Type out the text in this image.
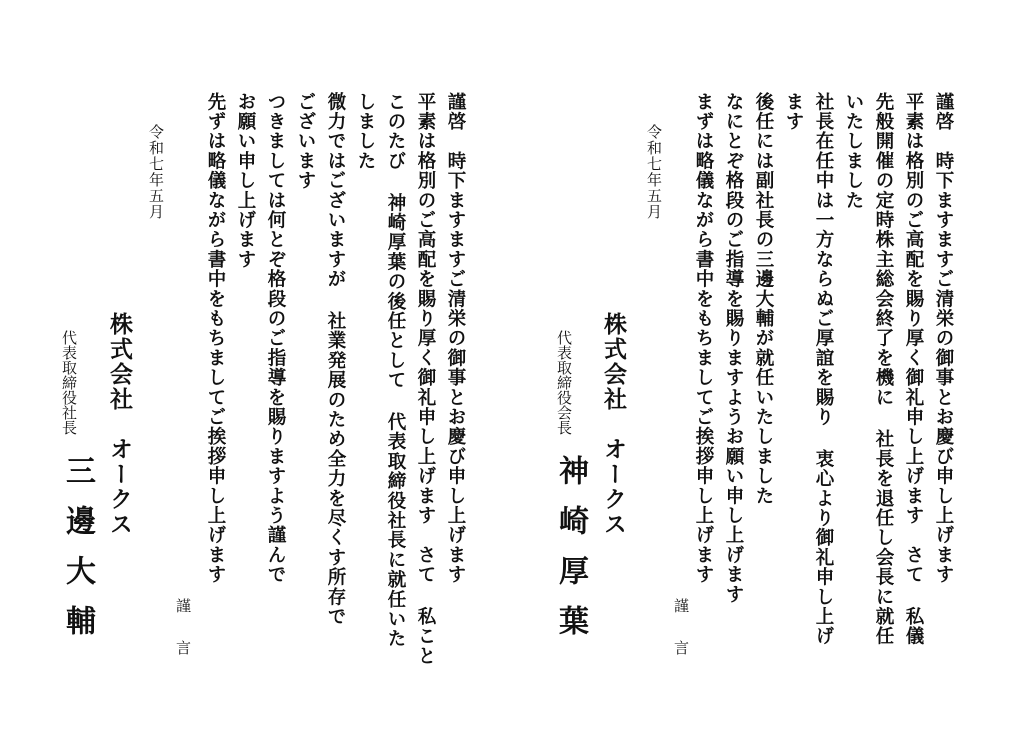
謹啓　時下ますますご清栄の御事とお慶び申し上げます
平素は格別のご高配を賜り厚く御礼申し上げます　さて 私儀
先般開催の定時株主総会終了を機に 社長を退任し会長に就任
いたしました
社長在任中は一方ならぬご厚誼を賜り 衷心より御礼申し上げ
ます
後任には副社長の三邊大輔が就任いたしました
なにとぞ格段のご指導を賜りますようお願い申し上げます
まずは略儀ながら書中をもちましてご挨拶申し上げます
謹　言
令和七年五月
株式会社　オークス
代表取締役会長
神崎厚葉
謹啓　時下ますますご清栄の御事とお慶び申し上げます
平素は格別のご高配を賜り厚く御礼申し上げます　さて 私こと
このたび 神崎厚葉の後任として 代表取締役社長に就任いた
しました
微力ではございますが 社業発展のため全力を尽くす所存で
ございます
つきましては何とぞ格段のご指導を賜りますよう謹んで
お願い申し上げます
先ずは略儀ながら書中をもちましてご挨拶申し上げます
謹　言
令和七年五月
株式会社　オークス
代表取締役社長
三邊大輔
